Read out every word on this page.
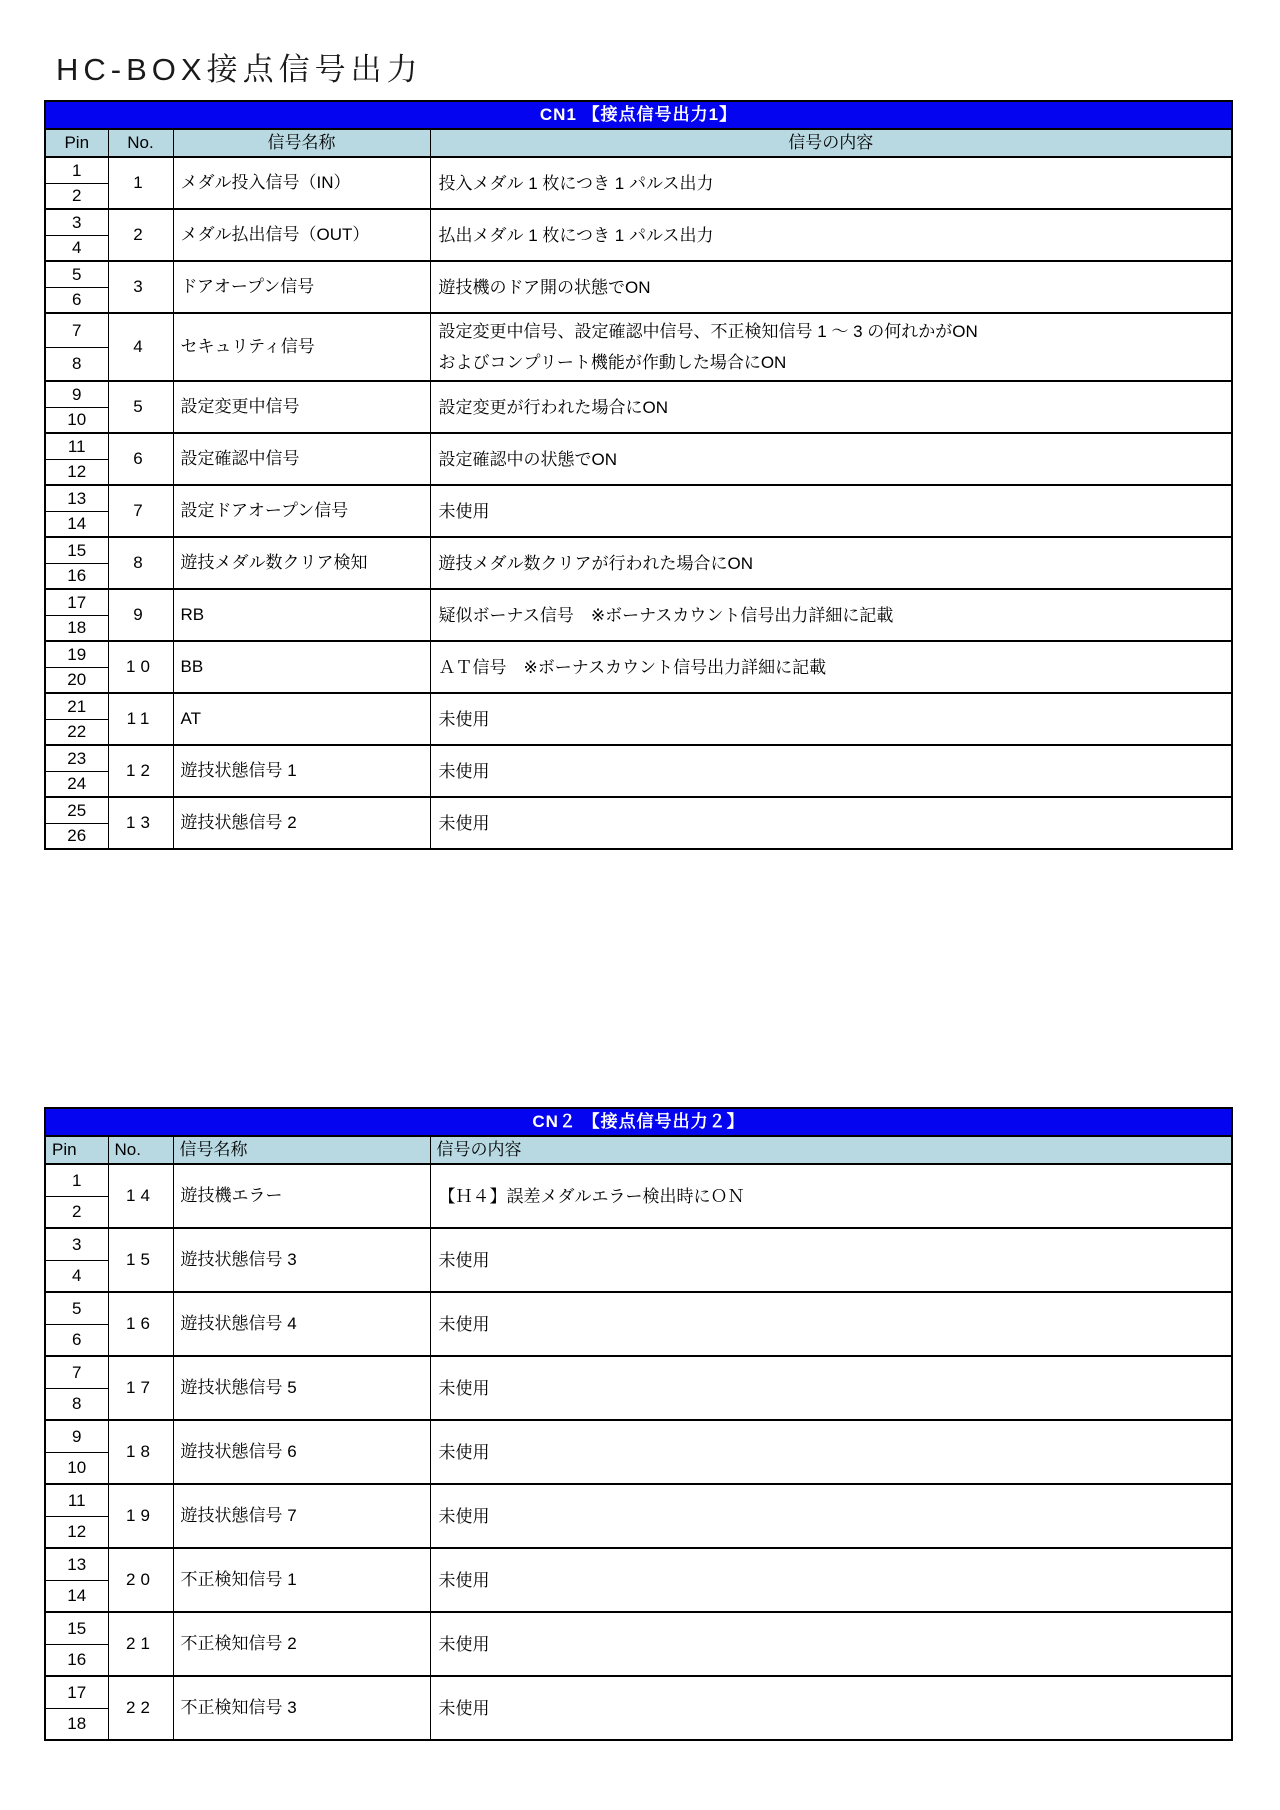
HC-BOX接点信号出力
CN1 【接点信号出力1】			
Pin	No.	信号名称	信号の内容
1	1	メダル投入信号（IN）	投入メダル 1 枚につき 1 パルス出力

2			
3	2	メダル払出信号（OUT）	払出メダル 1 枚につき 1 パルス出力

4			
5	3	ドアオープン信号	遊技機のドア開の状態でON

6			
7	4	セキュリティ信号	設定変更中信号、設定確認中信号、不正検知信号 1 ～ 3 の何れかがON
およびコンプリート機能が作動した場合にON

8			
9	5	設定変更中信号	設定変更が行われた場合にON

10			
11	6	設定確認中信号	設定確認中の状態でON

12			
13	7	設定ドアオープン信号	未使用

14			
15	8	遊技メダル数クリア検知	遊技メダル数クリアが行われた場合にON

16			
17	9	RB	疑似ボーナス信号　※ボーナスカウント信号出力詳細に記載

18			
19	10	BB	ＡＴ信号　※ボーナスカウント信号出力詳細に記載

20			
21	11	AT	未使用

22			
23	12	遊技状態信号 1	未使用

24			
25	13	遊技状態信号 2	未使用

26			
CN２ 【接点信号出力２】			
Pin	No.	信号名称	信号の内容
1	14	遊技機エラー	【Ｈ４】誤差メダルエラー検出時にＯＮ

2			
3	15	遊技状態信号 3	未使用

4			
5	16	遊技状態信号 4	未使用

6			
7	17	遊技状態信号 5	未使用

8			
9	18	遊技状態信号 6	未使用

10			
11	19	遊技状態信号 7	未使用

12			
13	20	不正検知信号 1	未使用

14			
15	21	不正検知信号 2	未使用

16			
17	22	不正検知信号 3	未使用

18			
